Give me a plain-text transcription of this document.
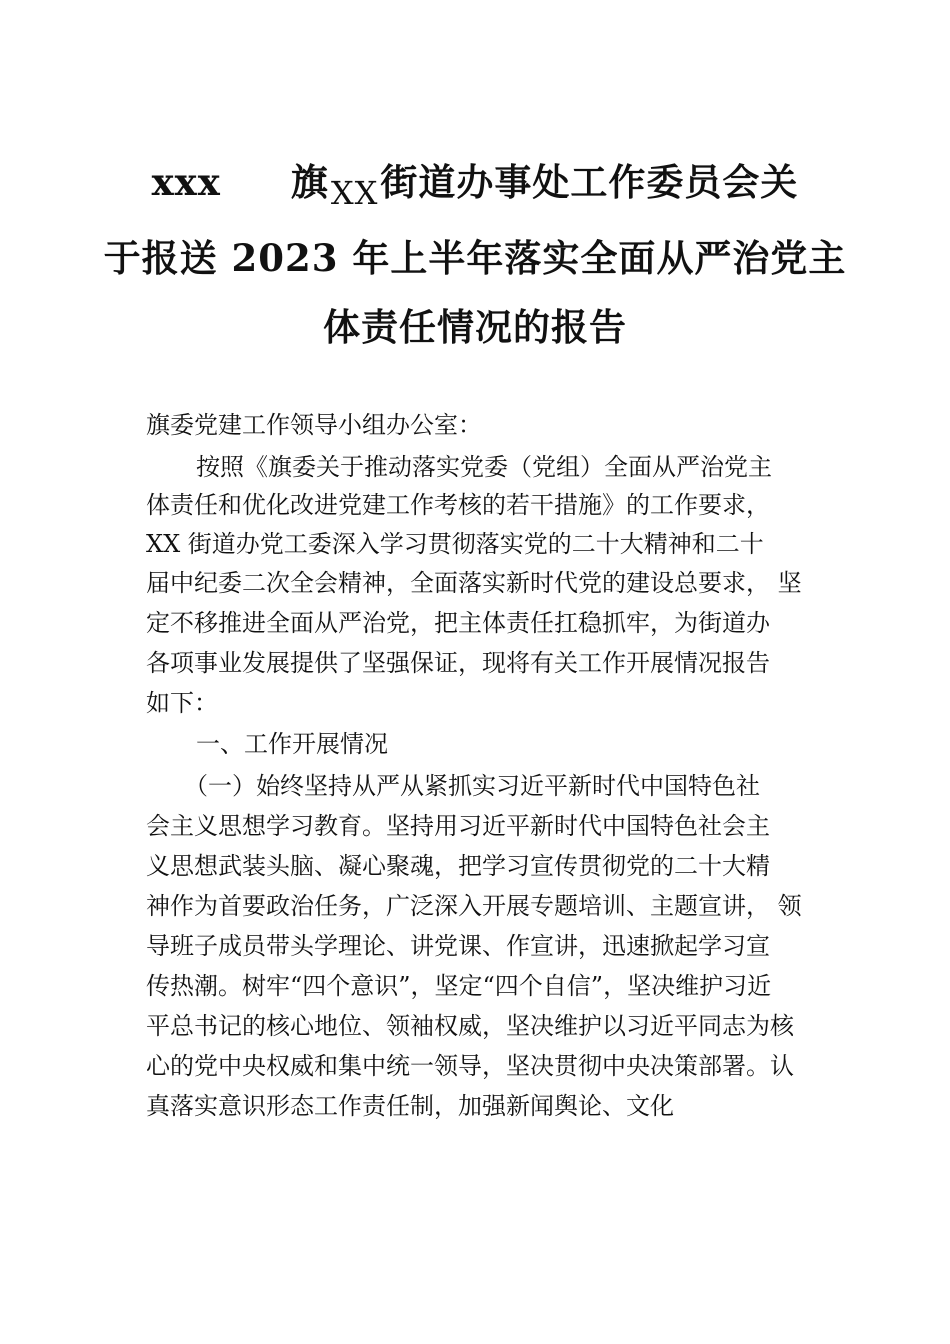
xxx 旗XX街道办事处工作委员会关
于报送 2023 年上半年落实全面从严治党主
体责任情况的报告
旗委党建工作领导小组办公室：
按照《旗委关于推动落实党委（党组）全面从严治党主
体责任和优化改进党建工作考核的若干措施》的工作要求，
XX 街道办党工委深入学习贯彻落实党的二十大精神和二十
届中纪委二次全会精神，全面落实新时代党的建设总要求， 坚
定不移推进全面从严治党，把主体责任扛稳抓牢，为街道办
各项事业发展提供了坚强保证，现将有关工作开展情况报告
如下：
一、工作开展情况
（一）始终坚持从严从紧抓实习近平新时代中国特色社
会主义思想学习教育。坚持用习近平新时代中国特色社会主
义思想武装头脑、凝心聚魂，把学习宣传贯彻党的二十大精
神作为首要政治任务，广泛深入开展专题培训、主题宣讲， 领
导班子成员带头学理论、讲党课、作宣讲，迅速掀起学习宣
传热潮。树牢“四个意识”，坚定“四个自信”，坚决维护习近
平总书记的核心地位、领袖权威，坚决维护以习近平同志为核
心的党中央权威和集中统一领导，坚决贯彻中央决策部署。认
真落实意识形态工作责任制，加强新闻舆论、文化
